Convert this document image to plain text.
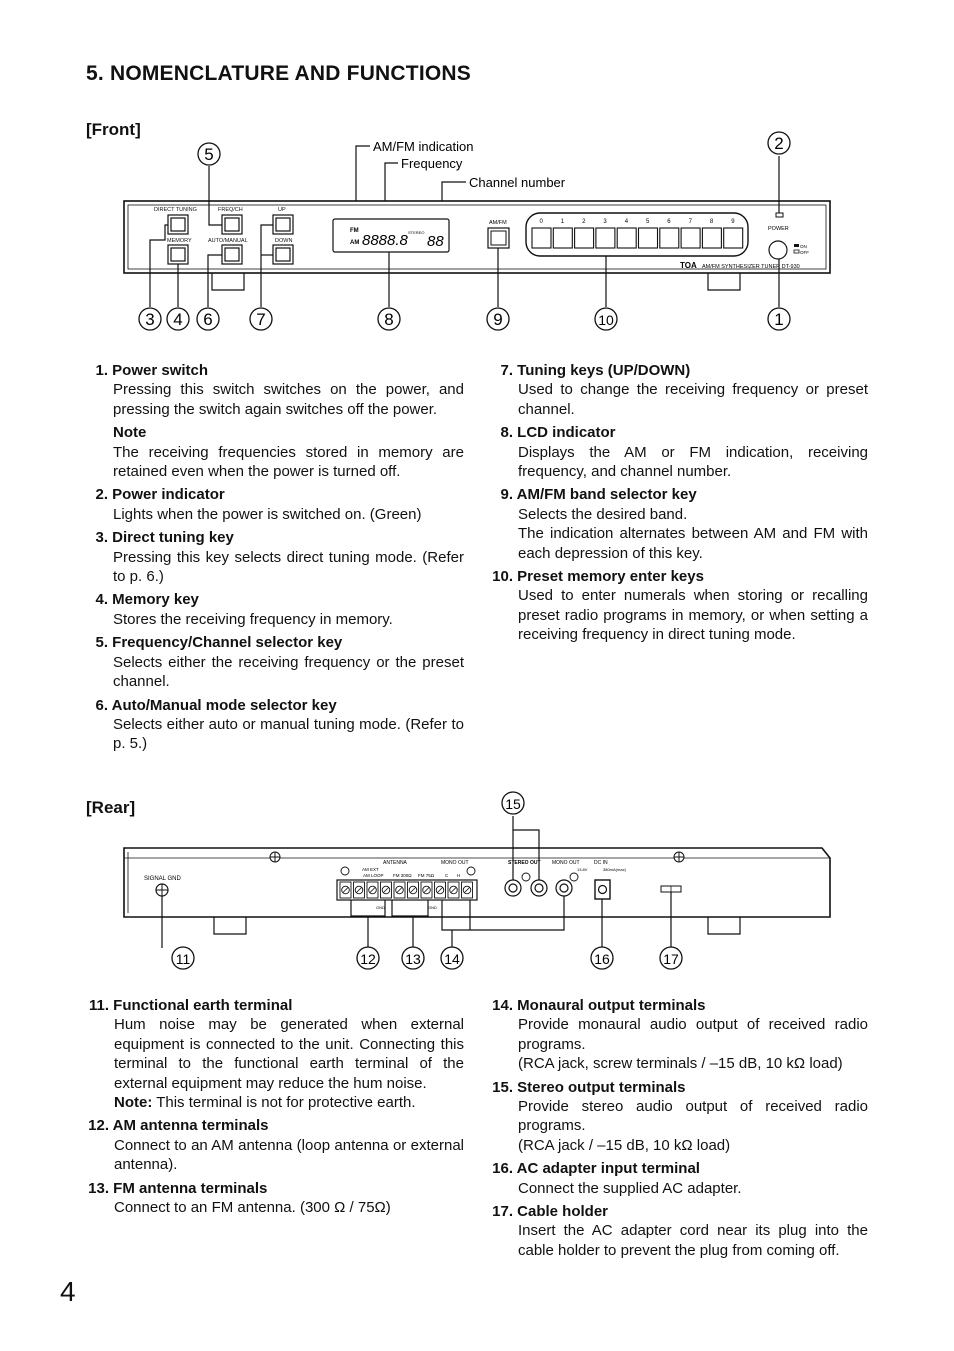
5. NOMENCLATURE AND FUNCTIONS
[Front]
AM/FM indication
Frequency
Channel number
DIRECT TUNING	FREQ/CH	UP
MEMORY	AUTO/MANUAL	DOWN
FM
AM 8888.8 STEREO
88
AM/FM	0	1	2	3	4	5	6	7	8	9
POWER
ON
OFF
TOA AM/FM SYNTHESIZER TUNER DT-930
1
2
3 4
5
6	7	8	9	10
1. Power switch

Pressing this switch switches on the power, and pressing the switch again switches off the power.

Note

The receiving frequencies stored in memory are retained even when the power is turned off.

2. Power indicator

Lights when the power is switched on. (Green)

3. Direct tuning key

Pressing this key selects direct tuning mode. (Refer to p. 6.)

4. Memory key

Stores the receiving frequency in memory.

5. Frequency/Channel selector key

Selects either the receiving frequency or the preset channel.

6. Auto/Manual mode selector key

Selects either auto or manual tuning mode. (Refer to p. 5.)

7. Tuning keys (UP/DOWN)

Used to change the receiving frequency or preset channel.

8. LCD indicator

Displays the AM or FM indication, receiving frequency, and channel number.

9. AM/FM band selector key

Selects the desired band.

The indication alternates between AM and FM with each depression of this key.

10. Preset memory enter keys

Used to enter numerals when storing or recalling preset radio programs in memory, or when setting a receiving frequency in direct tuning mode.

[Rear]
SIGNAL GND
ANTENNA	MONO OUT
AM EXT
AM LOOP FM 300Ω FM 75Ω C H
GND	GND
STEREO OUT MONO OUT	DC IN
13.8V	380mA(max)
11	12 13 14
15
16	17
11. Functional earth terminal

Hum noise may be generated when external equipment is connected to the unit. Connecting this terminal to the functional earth terminal of the external equipment may reduce the hum noise.

Note: This terminal is not for protective earth.

12. AM antenna terminals

Connect to an AM antenna (loop antenna or external antenna).

13. FM antenna terminals

Connect to an FM antenna. (300 Ω / 75Ω)

14. Monaural output terminals

Provide monaural audio output of received radio programs.

(RCA jack, screw terminals / –15 dB, 10 kΩ load)

15. Stereo output terminals

Provide stereo audio output of received radio programs.

(RCA jack / –15 dB, 10 kΩ load)

16. AC adapter input terminal

Connect the supplied AC adapter.

17. Cable holder

Insert the AC adapter cord near its plug into the cable holder to prevent the plug from coming off.

4
